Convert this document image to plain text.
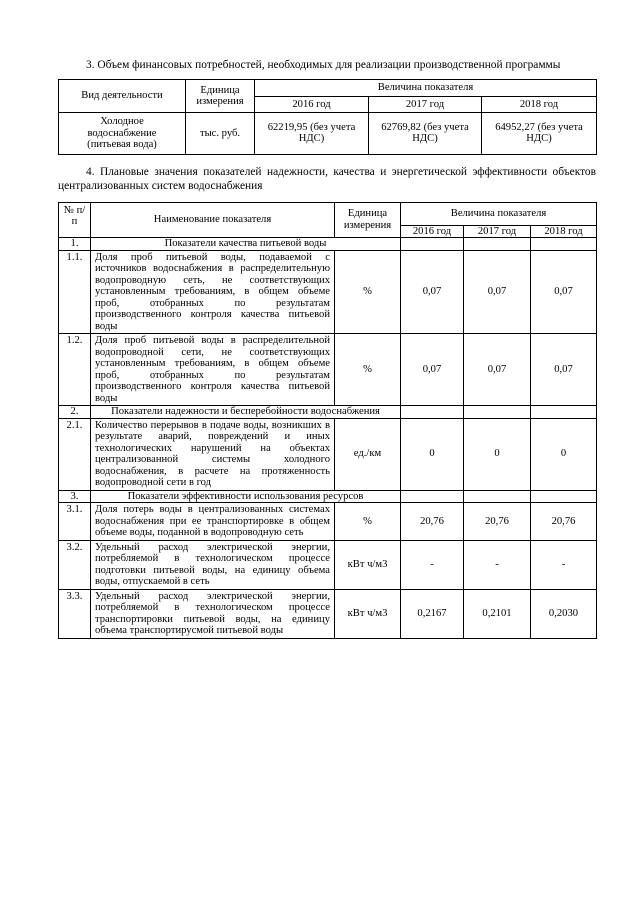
3. Объем финансовых потребностей, необходимых для реализации производственной программы

Вид деятельности	Единица измерения	Величина показателя		
		2016 год	2017 год	2018 год
Холодное водоснабжение (питьевая вода)	тыс. руб.	62219,95 (без учета НДС)	62769,82 (без учета НДС)	64952,27 (без учета НДС)

4. Плановые значения показателей надежности, качества и энергетической эффективности объектов централизованных систем водоснабжения

№ п/п	Наименование показателя	Единица измерения	Величина показателя		
			2016 год	2017 год	2018 год
1.	Показатели качества питьевой воды				
1.1.	Доля проб питьевой воды, подаваемой с источников водоснабжения в распределительную водопроводную сеть, не соответствующих установленным требованиям, в общем объеме проб, отобранных по результатам производственного контроля качества питьевой воды	%	0,07	0,07	0,07
1.2.	Доля проб питьевой воды в распределительной водопроводной сети, не соответствующих установленным требованиям, в общем объеме проб, отобранных по результатам производственного контроля качества питьевой воды	%	0,07	0,07	0,07
2.	Показатели надежности и бесперебойности водоснабжения				
2.1.	Количество перерывов в подаче воды, возникших в результате аварий, повреждений и иных технологических нарушений на объектах централизованной системы холодного водоснабжения, в расчете на протяженность водопроводной сети в год	ед./км	0	0	0
3.	Показатели эффективности использования ресурсов				
3.1.	Доля потерь воды в централизованных системах водоснабжения при ее транспортировке в общем объеме воды, поданной в водопроводную сеть	%	20,76	20,76	20,76
3.2.	Удельный расход электрической энергии, потребляемой в технологическом процессе подготовки питьевой воды, на единицу объема воды, отпускаемой в сеть	кВт ч/м3	-	-	-
3.3.	Удельный расход электрической энергии, потребляемой в технологическом процессе транспортировки питьевой воды, на единицу объема транспортирусмой питьевой воды	кВт ч/м3	0,2167	0,2101	0,2030
